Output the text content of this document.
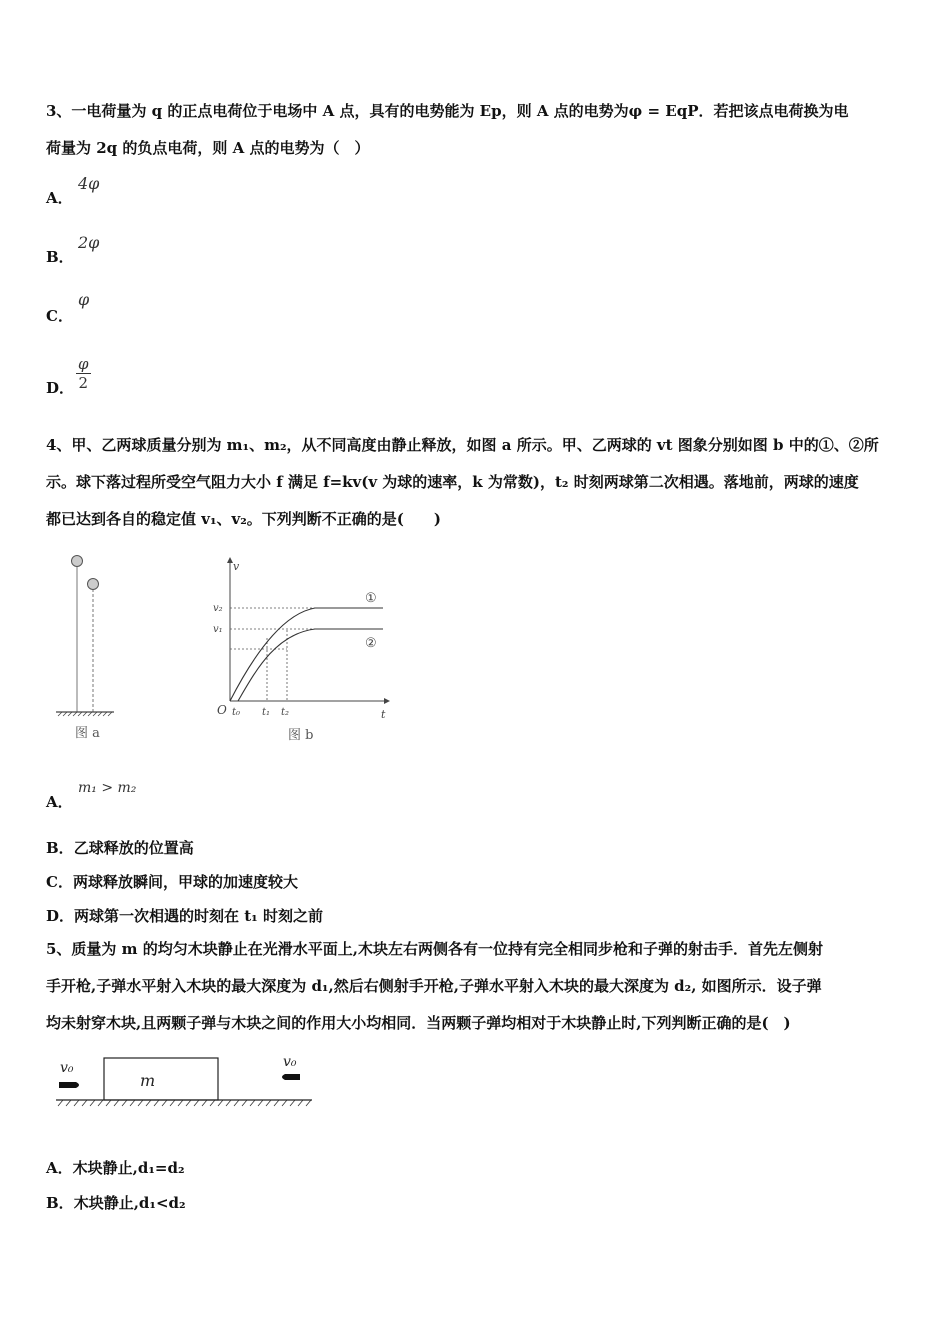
3、一电荷量为 q 的正点电荷位于电场中 A 点，具有的电势能为 Ep，则 A 点的电势为φ = EqP．若把该点电荷换为电
荷量为 2q 的负点电荷，则 A 点的电势为（　）
A．
4φ
B．
2φ
C．
φ
D． $\frac{\varphi}{2}$
4、甲、乙两球质量分别为 m₁、m₂，从不同高度由静止释放，如图 a 所示。甲、乙两球的 vt 图象分别如图 b 中的①、②所
示。球下落过程所受空气阻力大小 f 满足 f=kv(v 为球的速率，k 为常数)，t₂ 时刻两球第二次相遇。落地前，两球的速度
都已达到各自的稳定值 v₁、v₂。下列判断不正确的是(　　)
图 a
v
t
O
v₂
v₁
t₀ t₁ t₂
①
②
图 b
A．
m₁ > m₂
B．乙球释放的位置高
C．两球释放瞬间，甲球的加速度较大
D．两球第一次相遇的时刻在 t₁ 时刻之前
5、质量为 m 的均匀木块静止在光滑水平面上,木块左右两侧各有一位持有完全相同步枪和子弹的射击手．首先左侧射
手开枪,子弹水平射入木块的最大深度为 d₁,然后右侧射手开枪,子弹水平射入木块的最大深度为 d₂, 如图所示．设子弹
均未射穿木块,且两颗子弹与木块之间的作用大小均相同．当两颗子弹均相对于木块静止时,下列判断正确的是(　)
m
v₀	v₀
A．木块静止,d₁=d₂
B．木块静止,d₁<d₂
